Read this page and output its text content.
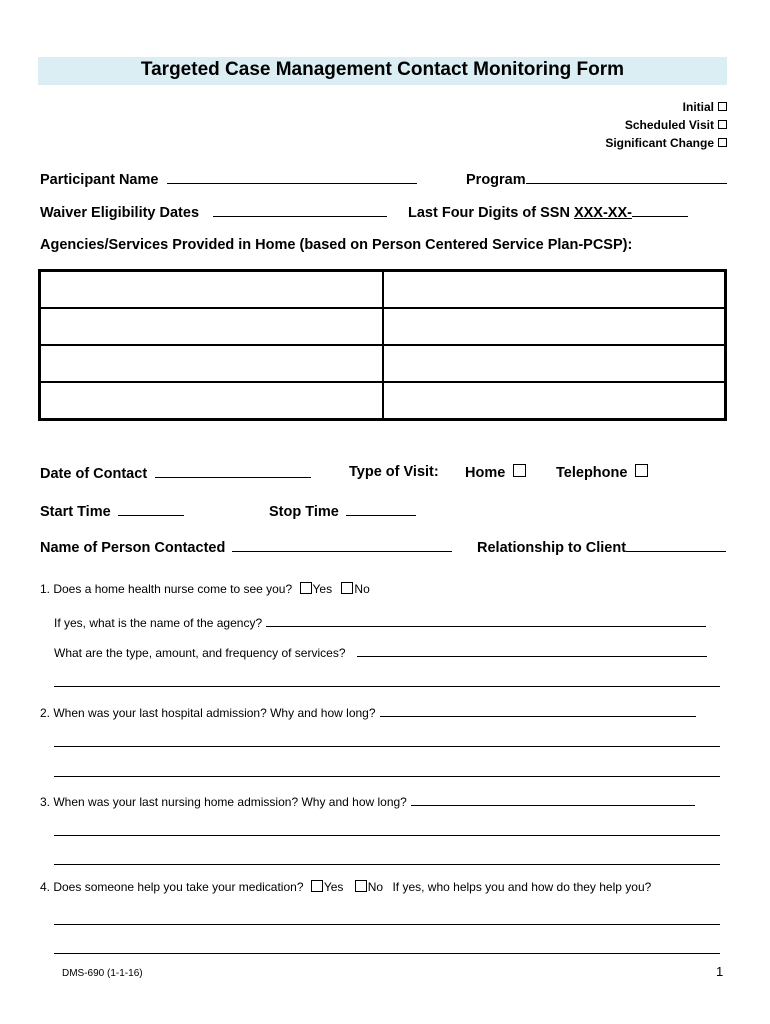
Targeted Case Management Contact Monitoring Form
Initial
Scheduled Visit
Significant Change
Participant Name	Program
Waiver Eligibility Dates	Last Four Digits of SSN XXX-XX-
Agencies/Services Provided in Home (based on Person Centered Service Plan-PCSP):

Date of Contact	Type of Visit: Home	Telephone
Start Time	Stop Time
Name of Person Contacted	Relationship to Client
1. Does a home health nurse come to see you? Yes No
If yes, what is the name of the agency?
What are the type, amount, and frequency of services?
2. When was your last hospital admission? Why and how long?
3. When was your last nursing home admission? Why and how long?
4. Does someone help you take your medication? Yes No If yes, who helps you and how do they help you?
DMS-690 (1-1-16)	1
